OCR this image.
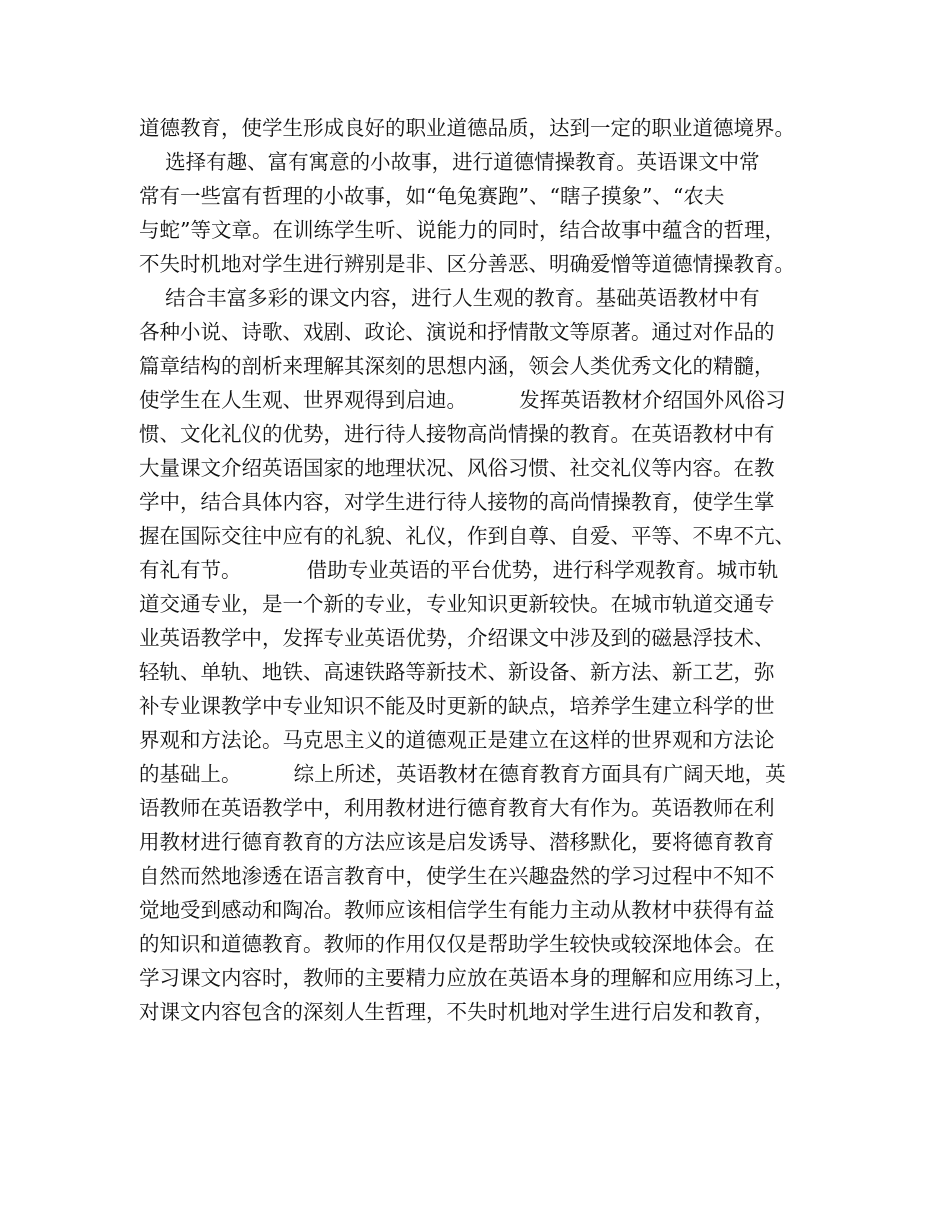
道德教育，使学生形成良好的职业道德品质，达到一定的职业道德境界。
选择有趣、富有寓意的小故事，进行道德情操教育。英语课文中常
常有一些富有哲理的小故事，如“龟兔赛跑”、“瞎子摸象”、“农夫
与蛇”等文章。在训练学生听、说能力的同时，结合故事中蕴含的哲理，
不失时机地对学生进行辨别是非、区分善恶、明确爱憎等道德情操教育。
结合丰富多彩的课文内容，进行人生观的教育。基础英语教材中有
各种小说、诗歌、戏剧、政论、演说和抒情散文等原著。通过对作品的
篇章结构的剖析来理解其深刻的思想内涵，领会人类优秀文化的精髓，
使学生在人生观、世界观得到启迪。        发挥英语教材介绍国外风俗习
惯、文化礼仪的优势，进行待人接物高尚情操的教育。在英语教材中有
大量课文介绍英语国家的地理状况、风俗习惯、社交礼仪等内容。在教
学中，结合具体内容，对学生进行待人接物的高尚情操教育，使学生掌
握在国际交往中应有的礼貌、礼仪，作到自尊、自爱、平等、不卑不亢、
有礼有节。          借助专业英语的平台优势，进行科学观教育。城市轨
道交通专业，是一个新的专业，专业知识更新较快。在城市轨道交通专
业英语教学中，发挥专业英语优势，介绍课文中涉及到的磁悬浮技术、
轻轨、单轨、地铁、高速铁路等新技术、新设备、新方法、新工艺，弥
补专业课教学中专业知识不能及时更新的缺点，培养学生建立科学的世
界观和方法论。马克思主义的道德观正是建立在这样的世界观和方法论
的基础上。        综上所述，英语教材在德育教育方面具有广阔天地，英
语教师在英语教学中，利用教材进行德育教育大有作为。英语教师在利
用教材进行德育教育的方法应该是启发诱导、潜移默化，要将德育教育
自然而然地渗透在语言教育中，使学生在兴趣盎然的学习过程中不知不
觉地受到感动和陶冶。教师应该相信学生有能力主动从教材中获得有益
的知识和道德教育。教师的作用仅仅是帮助学生较快或较深地体会。在
学习课文内容时，教师的主要精力应放在英语本身的理解和应用练习上，
对课文内容包含的深刻人生哲理，不失时机地对学生进行启发和教育，
